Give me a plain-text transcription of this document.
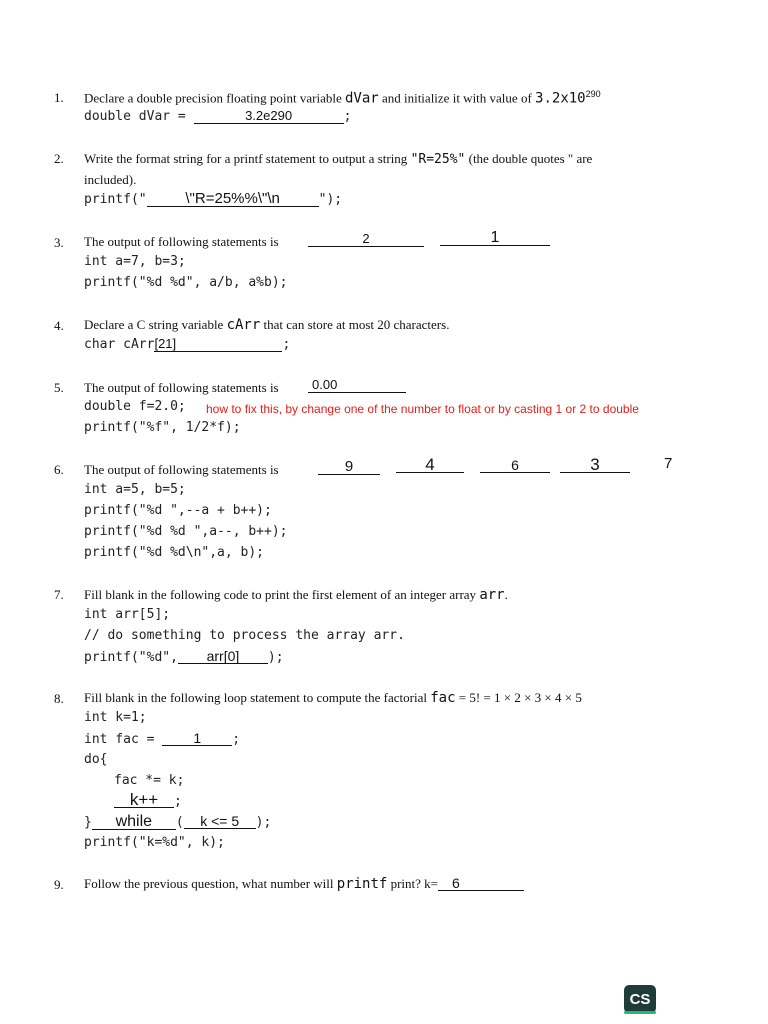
1. Declare a double precision floating point variable dVar and initialize it with value of $3.2x10^{290}$
double dVar =	3.2e290	;
2. Write the format string for a printf statement to output a string "R=25%" (the double quotes " are
included).
printf("	\"R=25%%\"\n	");
3. The output of following statements is	2	1
int a=7, b=3;
printf("%d %d", a/b, a%b);
4. Declare a C string variable cArr that can store at most 20 characters.
char cArr[21]	;
5. The output of following statements is	0.00
double f=2.0; how to fix this, by change one of the number to float or by casting 1 or 2 to double
printf("%f", 1/2*f);
6. The output of following statements is	9	4	6	3	7
int a=5, b=5;
printf("%d ",--a + b++);
printf("%d %d ",a--, b++);
printf("%d %d\n",a, b);
7. Fill blank in the following code to print the first element of an integer array arr.
int arr[5];
// do something to process the array arr.
printf("%d", arr[0] );
8. Fill blank in the following loop statement to compute the factorial fac = 5! = 1 × 2 × 3 × 4 × 5
int k=1;
int fac = 1 ;
do{
fac *= k;
k++ ;
} while ( k <= 5 );
printf("k=%d", k);
9. Follow the previous question, what number will printf print? k= 6
CS
